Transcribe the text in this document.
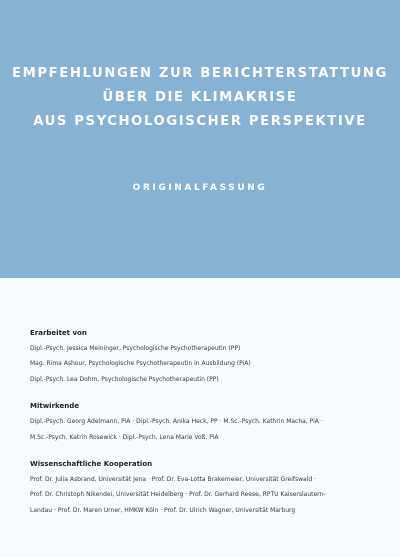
EMPFEHLUNGEN ZUR BERICHTERSTATTUNG
ÜBER DIE KLIMAKRISE
AUS PSYCHOLOGISCHER PERSPEKTIVE
ORIGINALFASSUNG
Erarbeitet von
Dipl.-Psych. Jessica Meininger, Psychologische Psychotherapeutin (PP)
Mag. Rima Ashour, Psychologische Psychotherapeutin in Ausbildung (PiA)
Dipl.-Psych. Lea Dohm, Psychologische Psychotherapeutin (PP)
Mitwirkende
Dipl.-Psych. Georg Adelmann, PiA · Dipl.-Psych. Anika Heck, PP · M.Sc.-Psych. Kathrin Macha, PiA ·
M.Sc.-Psych. Katrin Rosewick · Dipl.-Psych. Lena Marie Voß, PiA
Wissenschaftliche Kooperation
Prof. Dr. Julia Asbrand, Universität Jena · Prof. Dr. Eva-Lotta Brakemeier, Universität Greifswald ·
Prof. Dr. Christoph Nikendei, Universität Heidelberg · Prof. Dr. Gerhard Reese, RPTU Kaiserslautern-
Landau · Prof. Dr. Maren Urner, HMKW Köln · Prof. Dr. Ulrich Wagner, Universität Marburg
